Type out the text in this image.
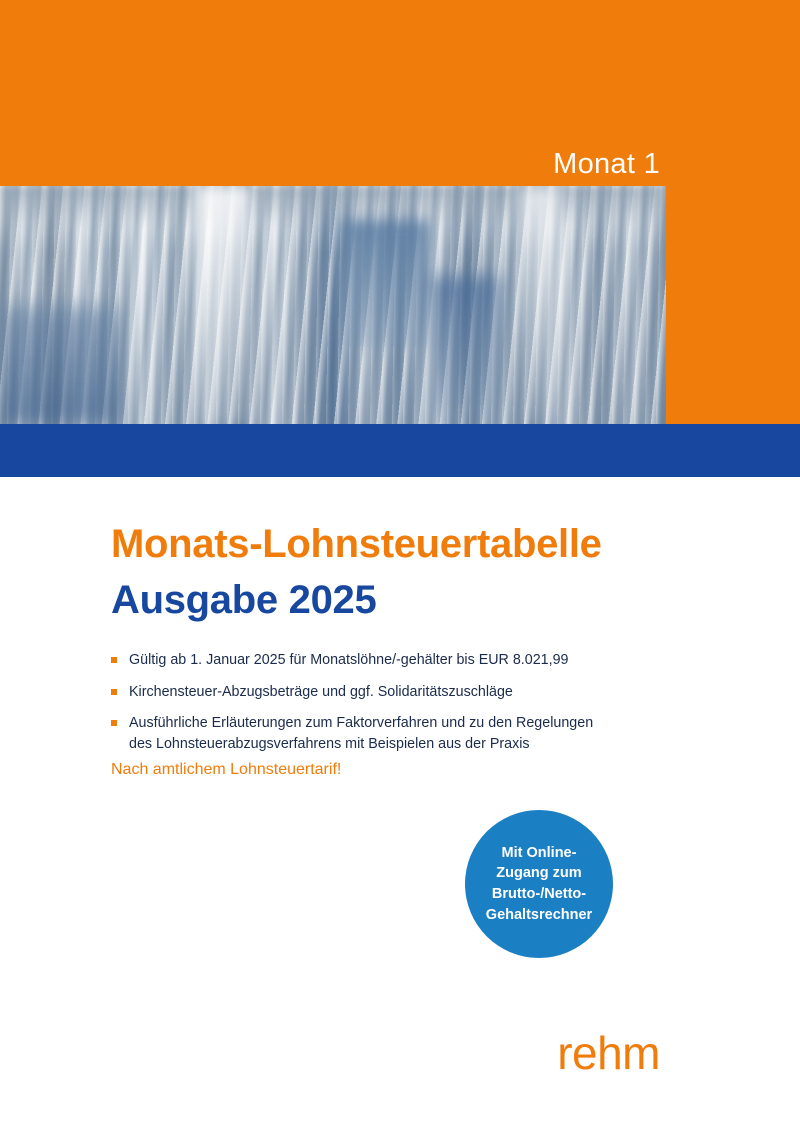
Monat 1
Monats-Lohnsteuertabelle
Ausgabe 2025
Gültig ab 1. Januar 2025 für Monatslöhne/-gehälter bis EUR 8.021,99
Kirchensteuer-Abzugsbeträge und ggf. Solidaritätszuschläge
Ausführliche Erläuterungen zum Faktorverfahren und zu den Regelungen
des Lohnsteuerabzugsverfahrens mit Beispielen aus der Praxis
Nach amtlichem Lohnsteuertarif!
Mit Online-
Zugang zum
Brutto-/Netto-
Gehaltsrechner
rehm
